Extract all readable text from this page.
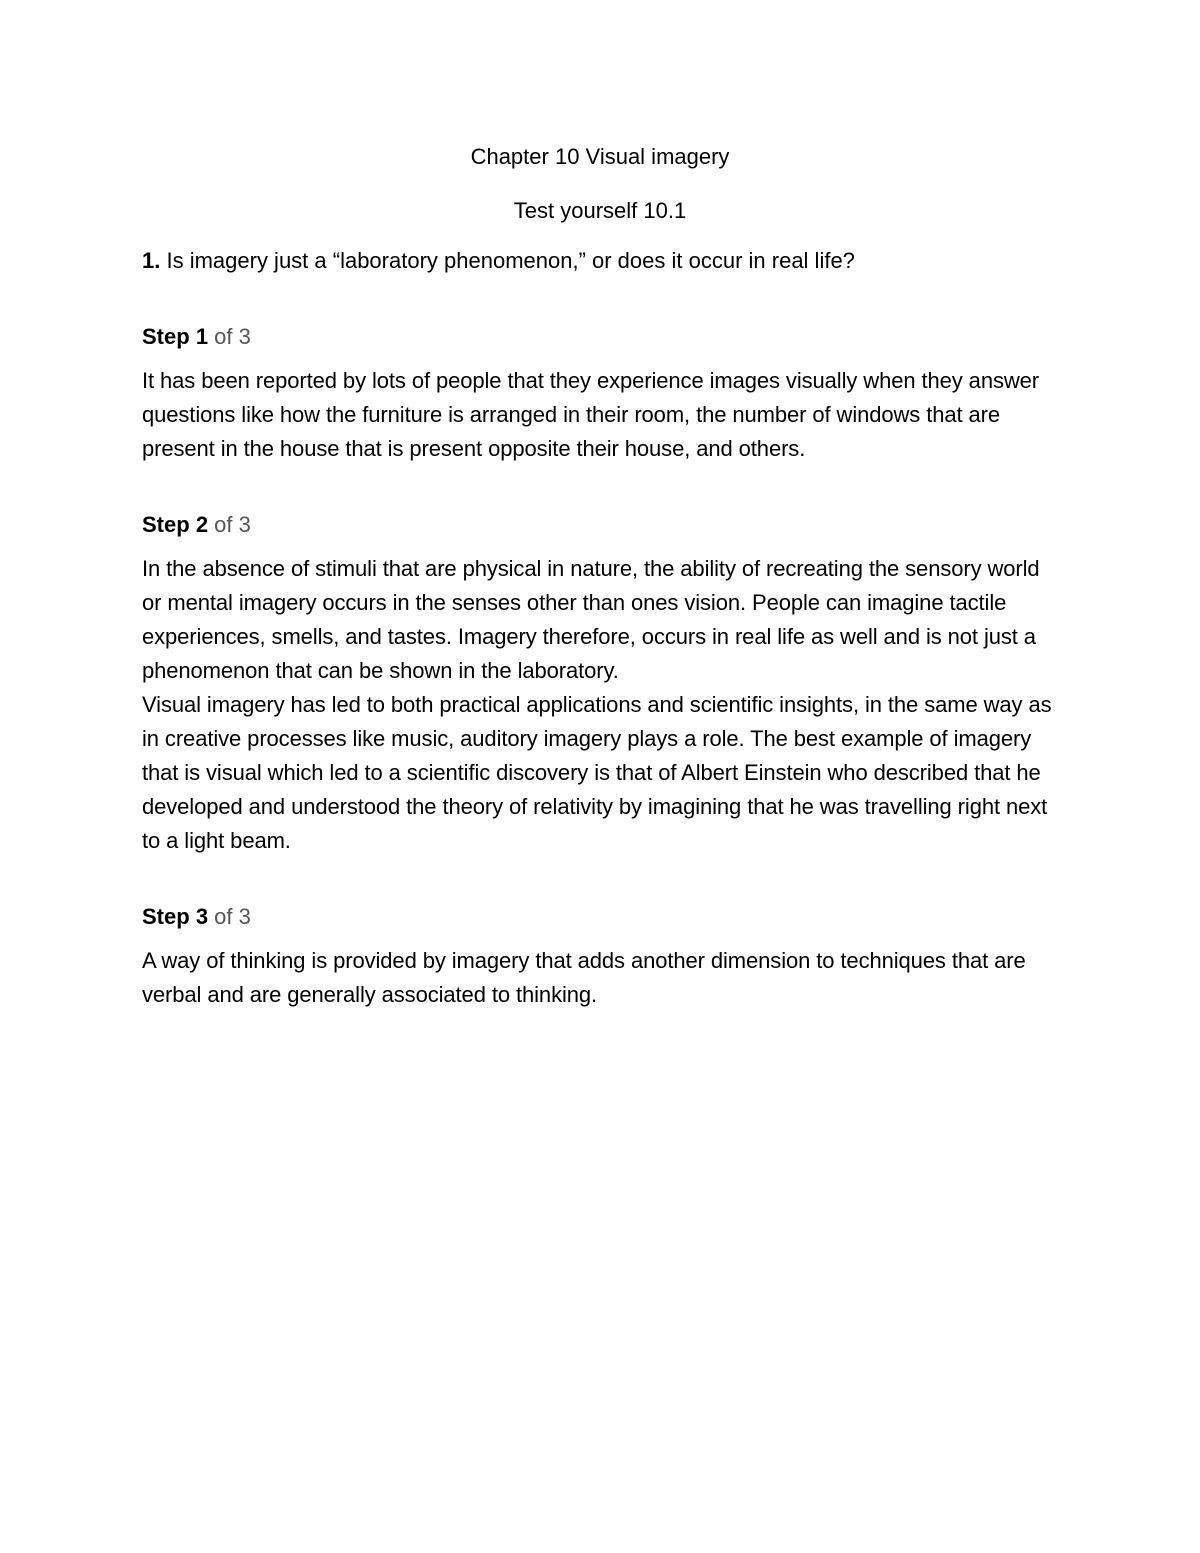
Chapter 10 Visual imagery
Test yourself 10.1
1. Is imagery just a “laboratory phenomenon,” or does it occur in real life?
Step 1 of 3

It has been reported by lots of people that they experience images visually when they answer questions like how the furniture is arranged in their room, the number of windows that are present in the house that is present opposite their house, and others.

Step 2 of 3

In the absence of stimuli that are physical in nature, the ability of recreating the sensory world or mental imagery occurs in the senses other than ones vision. People can imagine tactile experiences, smells, and tastes. Imagery therefore, occurs in real life as well and is not just a phenomenon that can be shown in the laboratory.

Visual imagery has led to both practical applications and scientific insights, in the same way as in creative processes like music, auditory imagery plays a role. The best example of imagery that is visual which led to a scientific discovery is that of Albert Einstein who described that he developed and understood the theory of relativity by imagining that he was travelling right next to a light beam.

Step 3 of 3

A way of thinking is provided by imagery that adds another dimension to techniques that are verbal and are generally associated to thinking.
